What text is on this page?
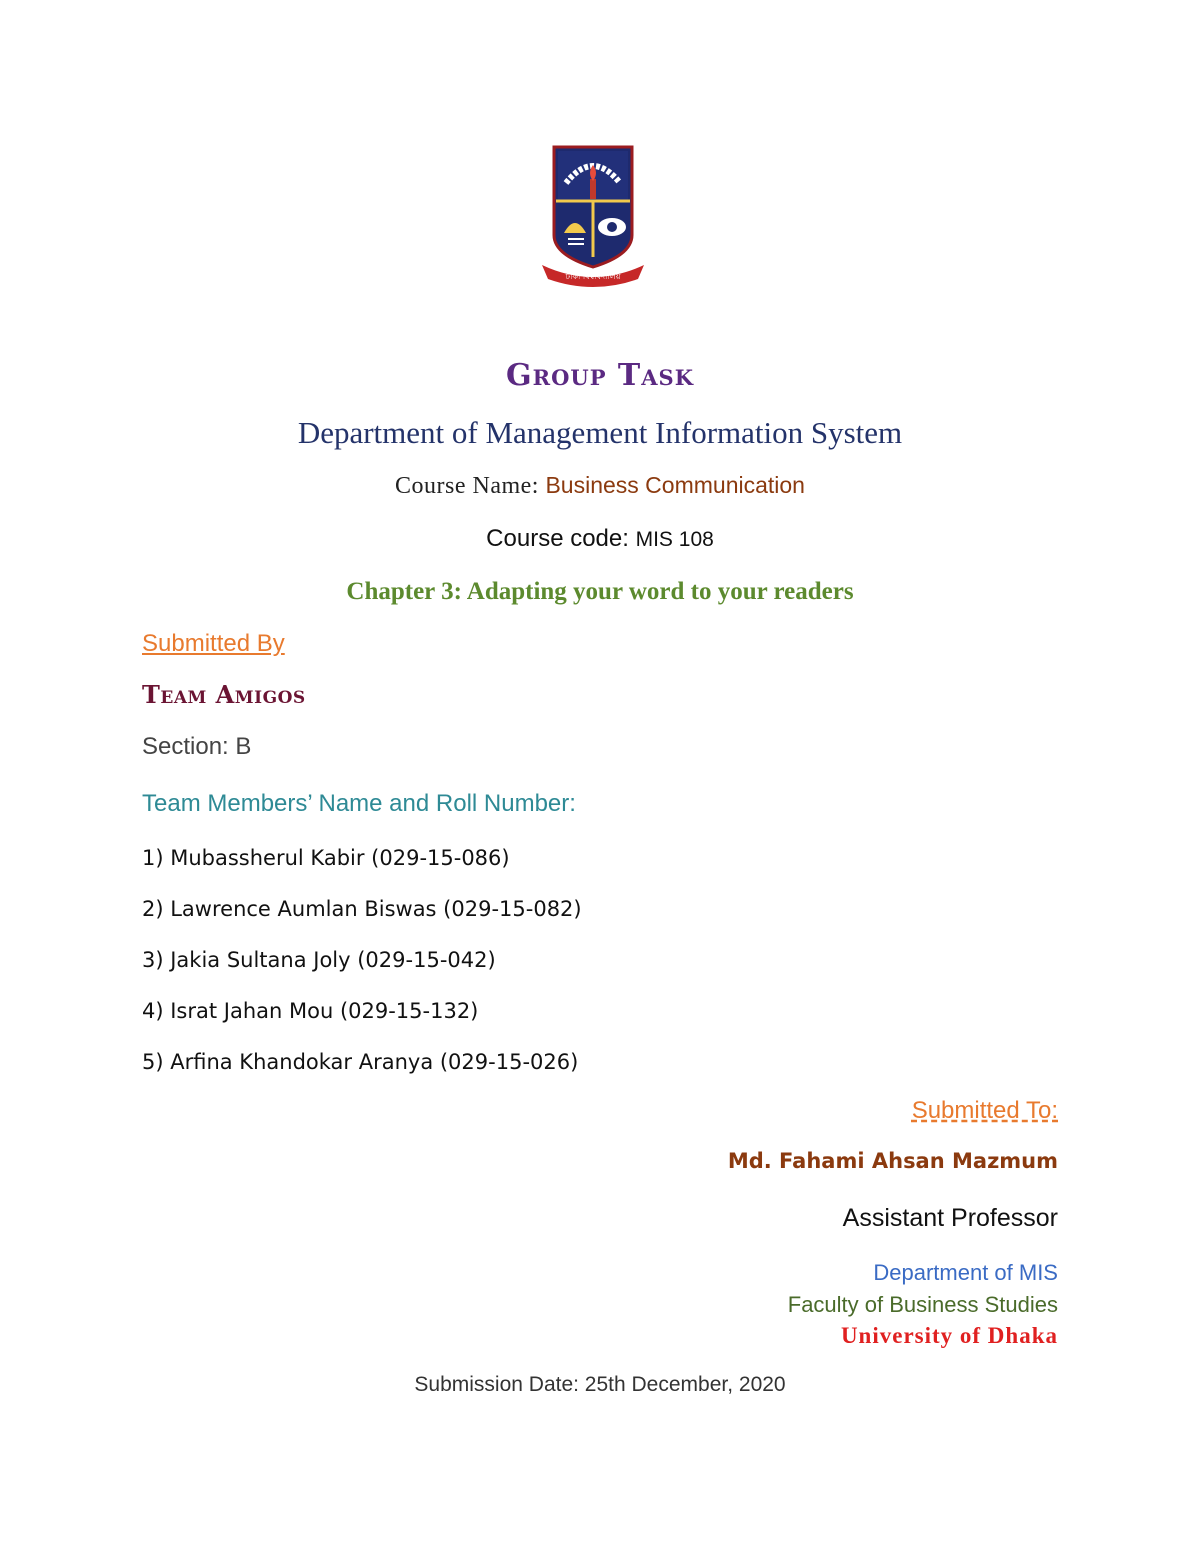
ঢাকা বিশ্ববিদ্যালয়
Group Task
Department of Management Information System
Course Name: Business Communication
Course code: MIS 108
Chapter 3: Adapting your word to your readers
Submitted By
Team Amigos
Section: B
Team Members’ Name and Roll Number:
1) Mubassherul Kabir (029-15-086)
2) Lawrence Aumlan Biswas (029-15-082)
3) Jakia Sultana Joly (029-15-042)
4) Israt Jahan Mou (029-15-132)
5) Arfina Khandokar Aranya (029-15-026)
Submitted To:
Md. Fahami Ahsan Mazmum
Assistant Professor
Department of MIS
Faculty of Business Studies
University of Dhaka
Submission Date: 25th December, 2020
